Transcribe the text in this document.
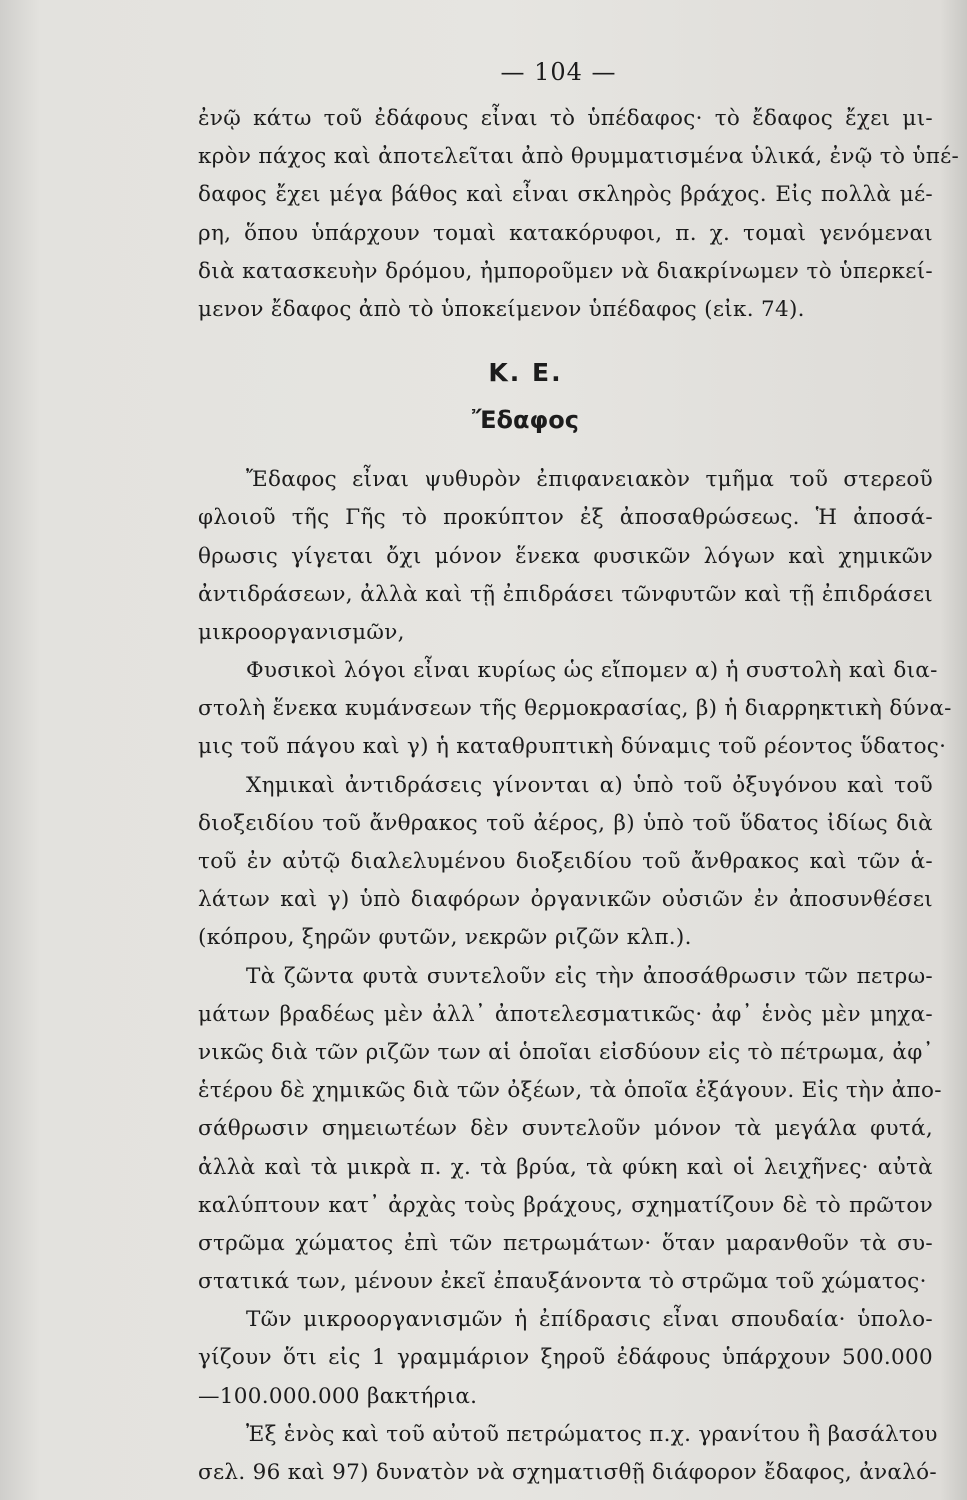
— 104 —
ἐνῷ κάτω τοῦ ἐδάφους εἶναι τὸ ὑπέδαφος· τὸ ἔδαφος ἔχει μι-
κρὸν πάχος καὶ ἀποτελεῖται ἀπὸ θρυμματισμένα ὑλικά, ἐνῷ τὸ ὑπέ-
δαφος ἔχει μέγα βάθος καὶ εἶναι σκληρὸς βράχος. Εἰς πολλὰ μέ-
ρη, ὅπου ὑπάρχουν τομαὶ κατακόρυφοι, π. χ. τομαὶ γενόμεναι
διὰ κατασκευὴν δρόμου, ἠμποροῦμεν νὰ διακρίνωμεν τὸ ὑπερκεί-
μενον ἔδαφος ἀπὸ τὸ ὑποκείμενον ὑπέδαφος (εἰκ. 74).
Κ. Ε.
Ἔδαφος
Ἔδαφος εἶναι ψυθυρὸν ἐπιφανειακὸν τμῆμα τοῦ στερεοῦ
φλοιοῦ τῆς Γῆς τὸ προκύπτον ἐξ ἀποσαθρώσεως. Ἡ ἀποσά-
θρωσις γίγεται ὄχι μόνον ἕνεκα φυσικῶν λόγων καὶ χημικῶν
ἀντιδράσεων, ἀλλὰ καὶ τῇ ἐπιδράσει τῶνφυτῶν καὶ τῇ ἐπιδράσει
μικροοργανισμῶν,
Φυσικοὶ λόγοι εἶναι κυρίως ὡς εἴπομεν α) ἡ συστολὴ καὶ δια-
στολὴ ἕνεκα κυμάνσεων τῆς θερμοκρασίας, β) ἡ διαρρηκτικὴ δύνα-
μις τοῦ πάγου καὶ γ) ἡ καταθρυπτικὴ δύναμις τοῦ ρέοντος ὕδατος·
Χημικαὶ ἀντιδράσεις γίνονται α) ὑπὸ τοῦ ὀξυγόνου καὶ τοῦ
διοξειδίου τοῦ ἄνθρακος τοῦ ἀέρος, β) ὑπὸ τοῦ ὕδατος ἰδίως διὰ
τοῦ ἐν αὐτῷ διαλελυμένου διοξειδίου τοῦ ἄνθρακος καὶ τῶν ἁ-
λάτων καὶ γ) ὑπὸ διαφόρων ὀργανικῶν οὐσιῶν ἐν ἀποσυνθέσει
(κόπρου, ξηρῶν φυτῶν, νεκρῶν ριζῶν κλπ.).
Τὰ ζῶντα φυτὰ συντελοῦν εἰς τὴν ἀποσάθρωσιν τῶν πετρω-
μάτων βραδέως μὲν ἀλλ᾽ ἀποτελεσματικῶς· ἀφ᾽ ἑνὸς μὲν μηχα-
νικῶς διὰ τῶν ριζῶν των αἱ ὁποῖαι εἰσδύουν εἰς τὸ πέτρωμα, ἀφ᾽
ἑτέρου δὲ χημικῶς διὰ τῶν ὀξέων, τὰ ὁποῖα ἐξάγουν. Εἰς τὴν ἀπο-
σάθρωσιν σημειωτέων δὲν συντελοῦν μόνον τὰ μεγάλα φυτά,
ἀλλὰ καὶ τὰ μικρὰ π. χ. τὰ βρύα, τὰ φύκη καὶ οἱ λειχῆνες· αὐτὰ
καλύπτουν κατ᾽ ἀρχὰς τοὺς βράχους, σχηματίζουν δὲ τὸ πρῶτον
στρῶμα χώματος ἐπὶ τῶν πετρωμάτων· ὅταν μαρανθοῦν τὰ συ-
στατικά των, μένουν ἐκεῖ ἐπαυξάνοντα τὸ στρῶμα τοῦ χώματος·
Τῶν μικροοργανισμῶν ἡ ἐπίδρασις εἶναι σπουδαία· ὑπολο-
γίζουν ὅτι εἰς 1 γραμμάριον ξηροῦ ἐδάφους ὑπάρχουν 500.000
—100.000.000 βακτήρια.
Ἐξ ἑνὸς καὶ τοῦ αὐτοῦ πετρώματος π.χ. γρανίτου ἢ βασάλτου
σελ. 96 καὶ 97) δυνατὸν νὰ σχηματισθῇ διάφορον ἔδαφος, ἀναλό-
